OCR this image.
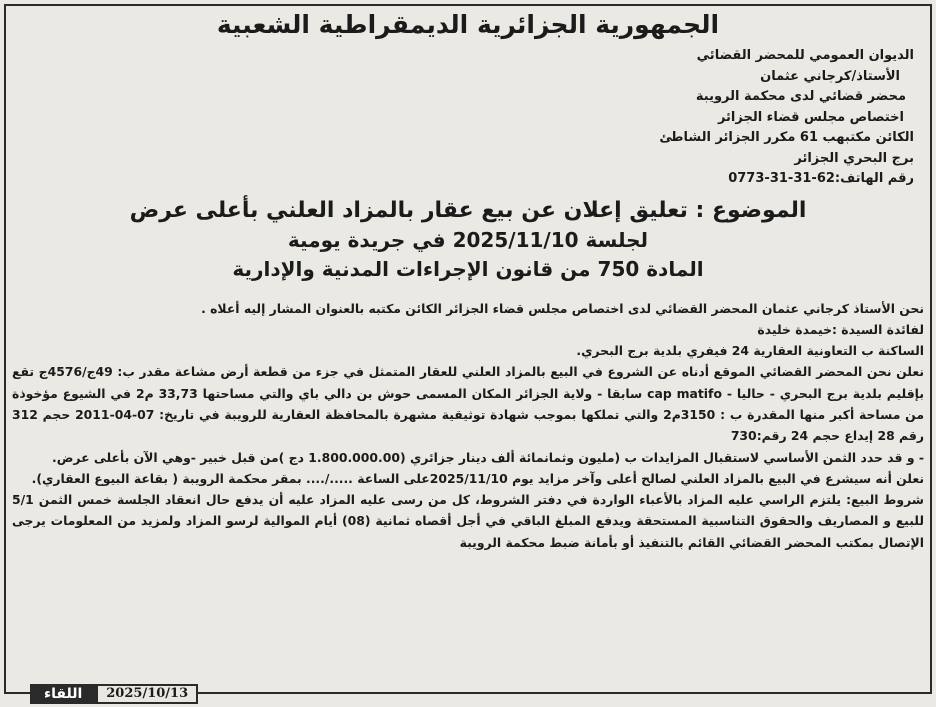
الجمهورية الجزائرية الديمقراطية الشعبية
الديوان العمومي للمحضر القضائي
الأستاذ/كرجاني عثمان
محضر قضائي لدى محكمة الرويبة
اختصاص مجلس قضاء الجزائر
الكائن مكتبهب 61 مكرر الجزائر الشاطئ
برج البحري الجزائر
رقم الهاتف:62-31-31-0773
الموضوع : تعليق إعلان عن بيع عقار بالمزاد العلني بأعلى عرض
لجلسة 2025/11/10 في جريدة يومية
المادة 750 من قانون الإجراءات المدنية والإدارية

نحن الأستاذ كرجاني عثمان المحضر القضائي لدى اختصاص مجلس قضاء الجزائر الكائن مكتبه بالعنوان المشار إليه أعلاه .

لفائدة السيدة :خيمدة خليدة

الساكنة ب التعاونية العقارية 24 فيفري بلدية برج البحري.

نعلن نحن المحضر القضائي الموقع أدناه عن الشروع في البيع بالمزاد العلني للعقار المتمثل في جزء من قطعة أرض مشاعة مقدر ب: 49ج/4576ج تقع بإقليم بلدية برج البحري - حاليا - cap matifo سابقا - ولاية الجزائر المكان المسمى حوش بن دالي باي والتي مساحتها 33,73 م2 في الشيوع مؤخوذة من مساحة أكبر منها المقدرة ب : 3150م2 والتي تملكها بموجب شهادة توثيقية مشهرة بالمحافظة العقارية للرويبة في تاريخ: 07-04-2011 حجم 312 رقم 28 إيداع حجم 24 رقم:730

- و قد حدد الثمن الأساسي لاستقبال المزايدات ب (مليون وثمانمائة ألف دينار جزائري (1.800.000.00 دج )من قبل خبير -وهي الآن بأعلى عرض.

نعلن أنه سيشرع في البيع بالمزاد العلني لصالح أعلى وآخر مزايد يوم 2025/11/10على الساعة ...../.... بمقر محكمة الرويبة ( بقاعة البيوع العقاري).

شروط البيع: يلتزم الراسي عليه المزاد بالأعباء الواردة في دفتر الشروط، كل من رسى عليه المزاد عليه أن يدفع حال انعقاد الجلسة خمس الثمن 5/1 للبيع و المصاريف والحقوق التناسبية المستحقة ويدفع المبلغ الباقي في أجل أقصاه ثمانية (08) أيام الموالية لرسو المزاد ولمزيد من المعلومات يرجى الإتصال بمكتب المحضر القضائي القائم بالتنفيذ أو بأمانة ضبط محكمة الرويبة

اللقاء	2025/10/13
